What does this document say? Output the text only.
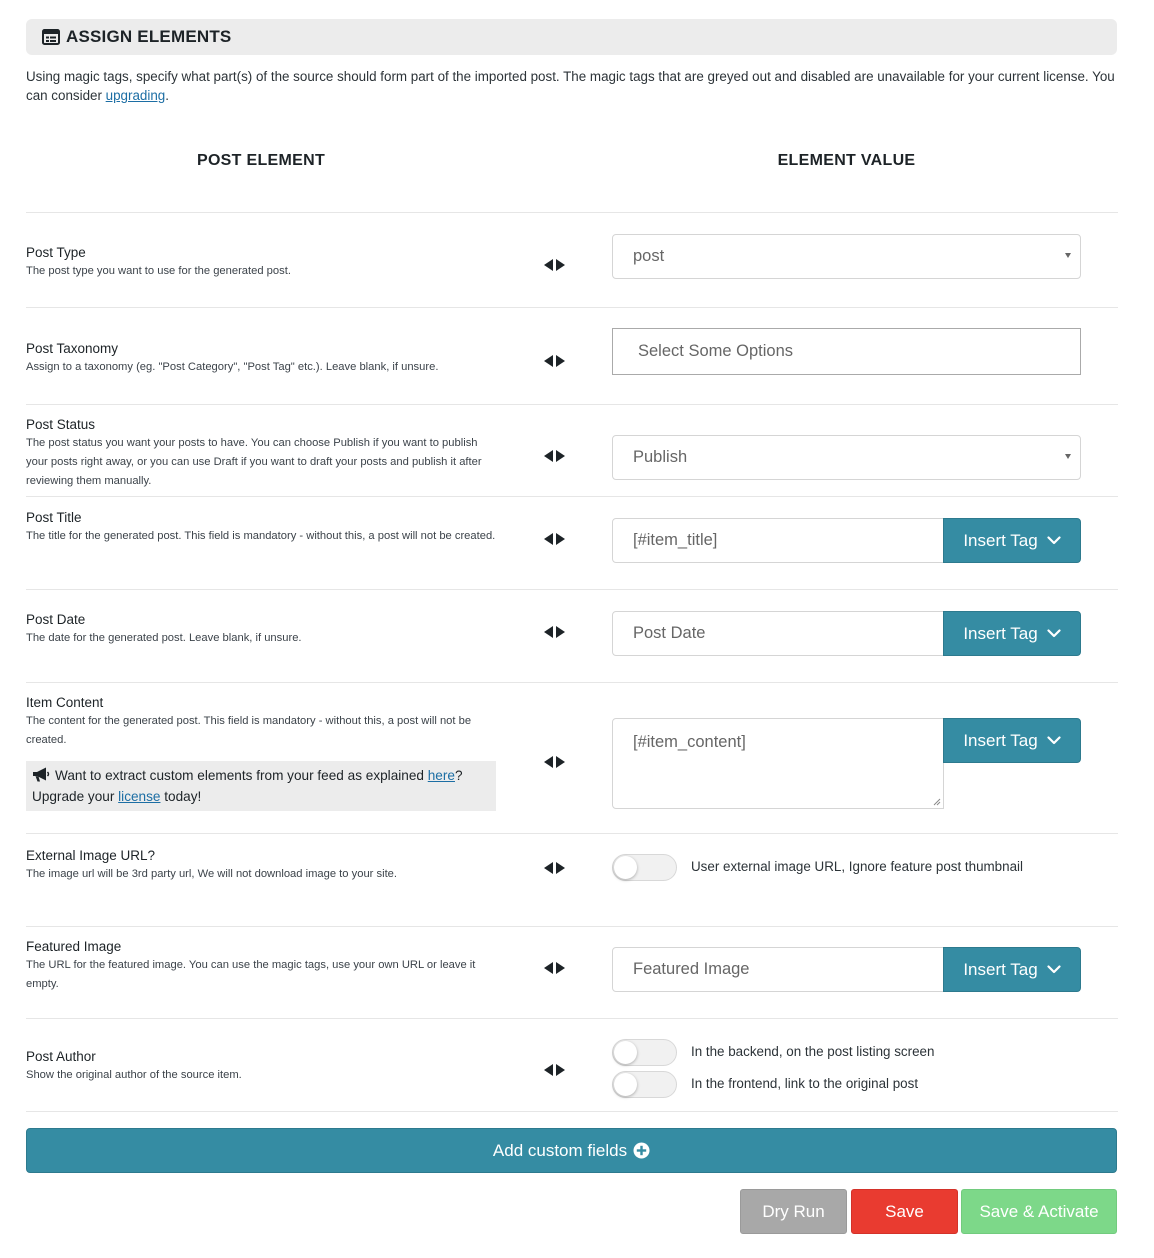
ASSIGN ELEMENTS

Using magic tags, specify what part(s) of the source should form part of the imported post. The magic tags that are greyed out and disabled are unavailable for your current license. You can consider upgrading.

POST ELEMENT	ELEMENT VALUE
Post Type
The post type you want to use for the generated post.
post
Post Taxonomy
Assign to a taxonomy (eg. "Post Category", "Post Tag" etc.). Leave blank, if unsure.
Select Some Options
Post Status
The post status you want your posts to have. You can choose Publish if you want to publish your posts right away, or you can use Draft if you want to draft your posts and publish it after reviewing them manually.
Publish
Post Title
The title for the generated post. This field is mandatory - without this, a post will not be created.	[#item_title]	Insert Tag
Post Date
The date for the generated post. Leave blank, if unsure.	Post Date	Insert Tag
Item Content
The content for the generated post. This field is mandatory - without this, a post will not be created.
Want to extract custom elements from your feed as explained here?
Upgrade your license today!
[#item_content]	Insert Tag
External Image URL?
The image url will be 3rd party url, We will not download image to your site.	User external image URL, Ignore feature post thumbnail
Featured Image
The URL for the featured image. You can use the magic tags, use your own URL or leave it empty.
Featured Image	Insert Tag
Post Author
Show the original author of the source item.
In the backend, on the post listing screen
In the frontend, link to the original post
Add custom fields
Dry Run	Save	Save & Activate
